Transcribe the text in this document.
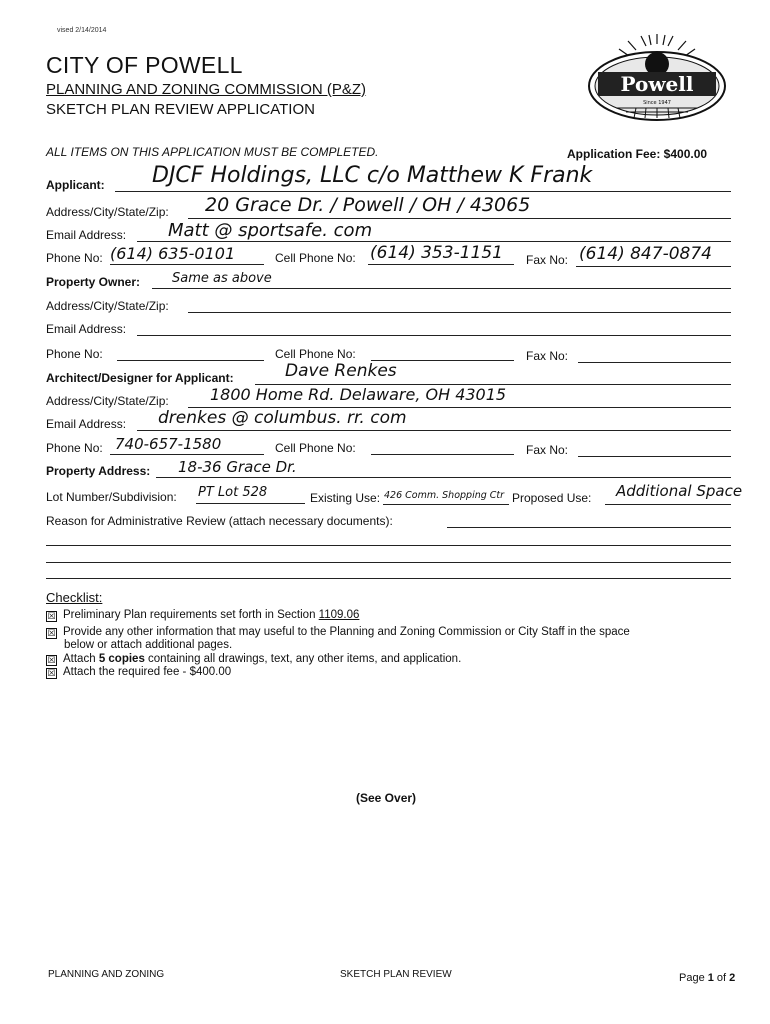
vised 2/14/2014
CITY OF POWELL
PLANNING AND ZONING COMMISSION (P&Z)
SKETCH PLAN REVIEW APPLICATION
Powell
Since 1947
ALL ITEMS ON THIS APPLICATION MUST BE COMPLETED.	Application Fee: $400.00
Applicant: DJCF Holdings, LLC c/o Matthew K Frank
Address/City/State/Zip: 20 Grace Dr. / Powell / OH / 43065
Email Address: Matt @ sportsafe. com
Phone No: (614) 635-0101	Cell Phone No: (614) 353-1151 Fax No: (614) 847-0874
Property Owner: Same as above
Address/City/State/Zip:
Email Address:
Phone No:	Cell Phone No:	Fax No:
Architect/Designer for Applicant:	Dave Renkes
Address/City/State/Zip:	1800 Home Rd. Delaware, OH 43015
Email Address: drenkes @ columbus. rr. com
Phone No: 740-657-1580	Cell Phone No:	Fax No:
Property Address: 18-36 Grace Dr.
Lot Number/Subdivision: PT Lot 528	Existing Use: 426 Comm. Shopping Ctr Proposed Use: Additional Space
Reason for Administrative Review (attach necessary documents):
Checklist:
☒ Preliminary Plan requirements set forth in Section 1109.06
☒ Provide any other information that may useful to the Planning and Zoning Commission or City Staff in the space
below or attach additional pages.
☒ Attach 5 copies containing all drawings, text, any other items, and application.
☒ Attach the required fee - $400.00
(See Over)
PLANNING AND ZONING	SKETCH PLAN REVIEW	Page 1 of 2
